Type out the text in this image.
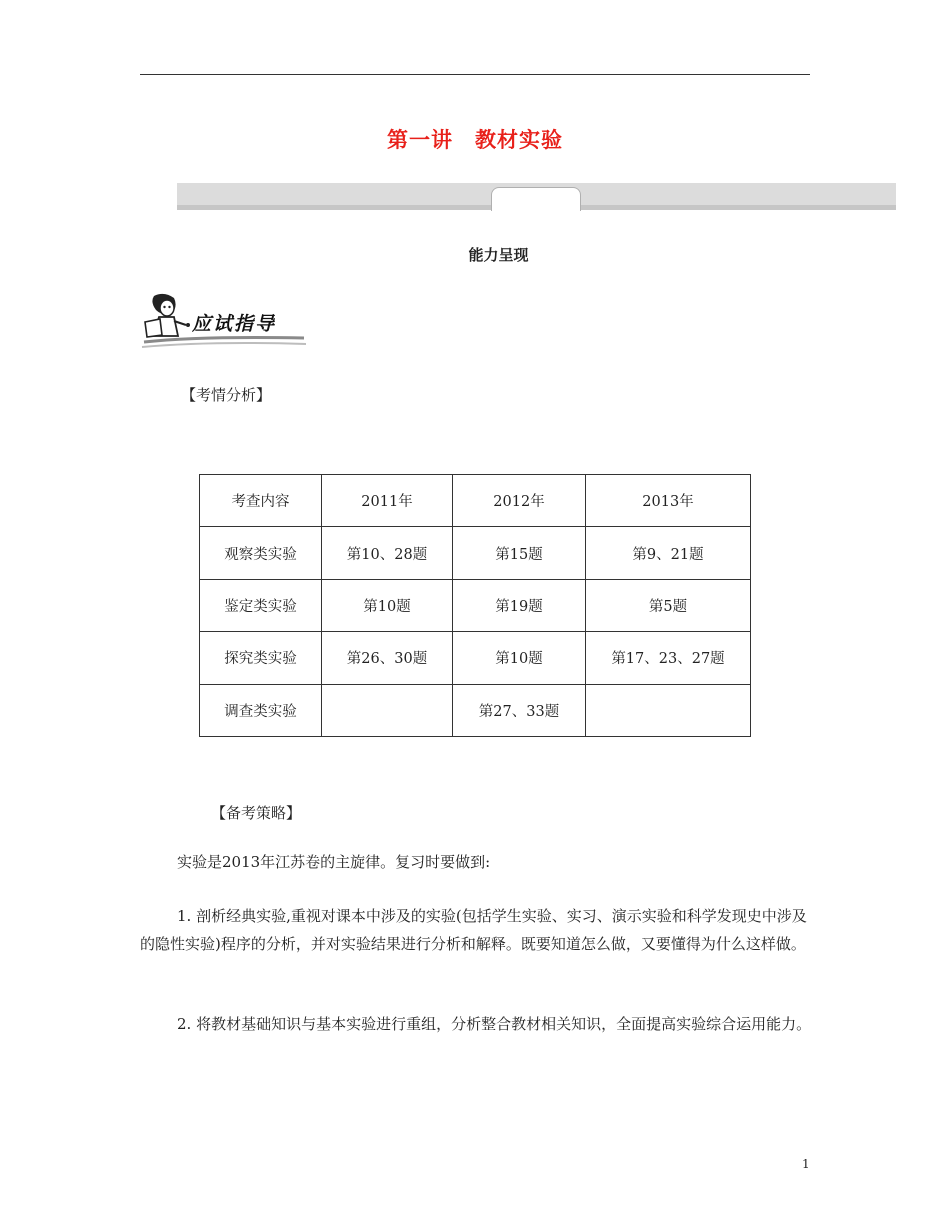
第一讲　教材实验
能力呈现
应试指导
【考情分析】
考查内容	2011年	2012年	2013年
观察类实验	第10、28题	第15题	第9、21题
鉴定类实验	第10题	第19题	第5题
探究类实验	第26、30题	第10题	第17、23、27题
调查类实验		第27、33题	
【备考策略】
实验是2013年江苏卷的主旋律。复习时要做到:
1. 剖析经典实验,重视对课本中涉及的实验(包括学生实验、实习、演示实验和科学发现史中涉及的隐性实验)程序的分析，并对实验结果进行分析和解释。既要知道怎么做，又要懂得为什么这样做。
2. 将教材基础知识与基本实验进行重组，分析整合教材相关知识，全面提高实验综合运用能力。
1
